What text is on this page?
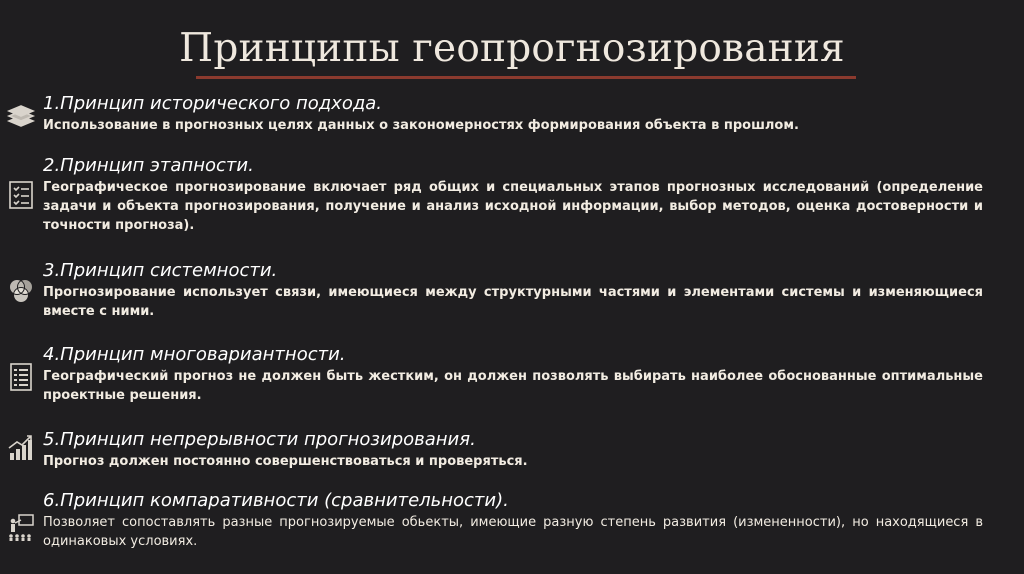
Принципы геопрогнозирования
1.Принцип исторического подхода.
Использование в прогнозных целях данных о закономерностях формирования объекта в прошлом.
2.Принцип этапности.
Географическое прогнозирование включает ряд общих и специальных этапов прогнозных исследований (определение задачи и объекта прогнозирования, получение и анализ исходной информации, выбор методов, оценка достоверности и точности прогноза).
3.Принцип системности.
Прогнозирование использует связи, имеющиеся между структурными частями и элементами системы и изменяющиеся вместе с ними.
4.Принцип многовариантности.
Географический прогноз не должен быть жестким, он должен позволять выбирать наиболее обоснованные оптимальные проектные решения.
5.Принцип непрерывности прогнозирования.
Прогноз должен постоянно совершенствоваться и проверяться.
6.Принцип компаративности (сравнительности).
Позволяет сопоставлять разные прогнозируемые обьекты, имеющие разную степень развития (измененности), но находящиеся в одинаковых условиях.
